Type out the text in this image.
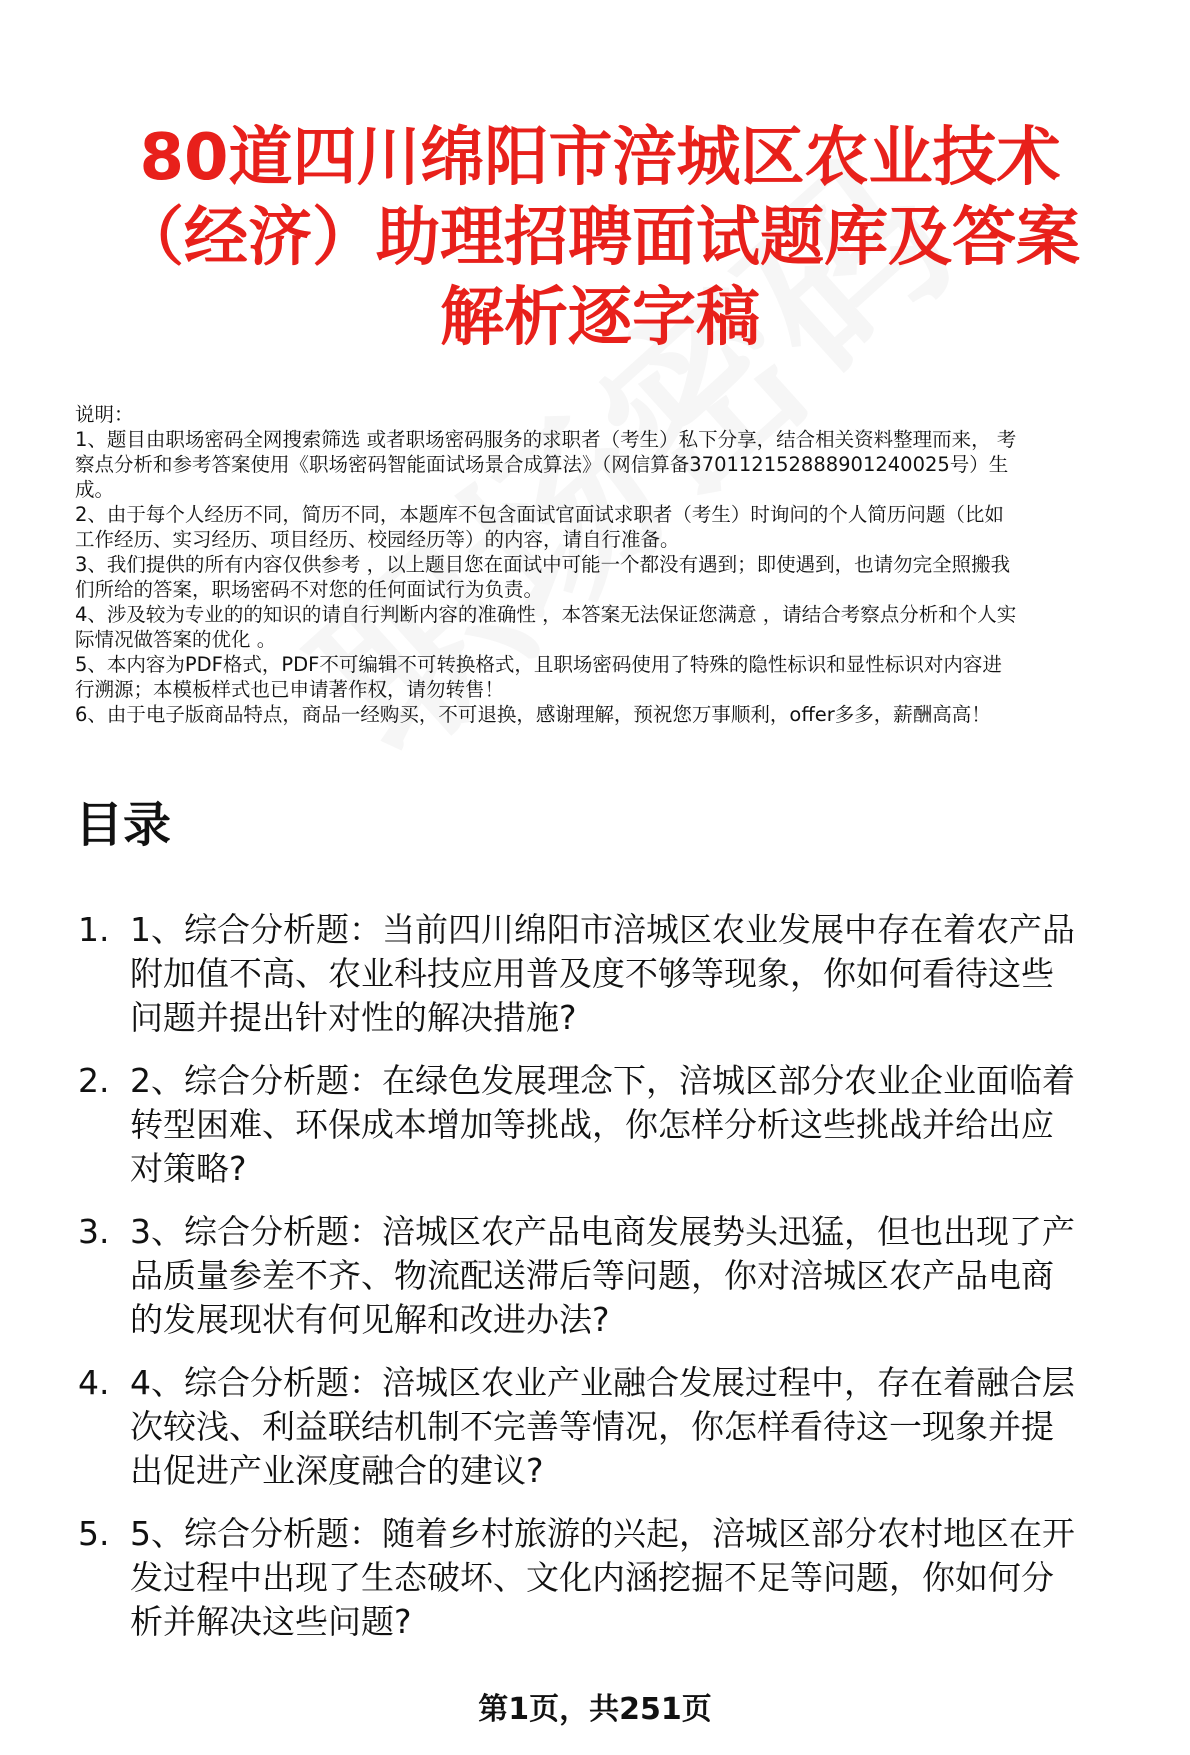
80道四川绵阳市涪城区农业技术
（经济）助理招聘面试题库及答案
解析逐字稿

说明：

1、题目由职场密码全网搜索筛选 或者职场密码服务的求职者（考生）私下分享，结合相关资料整理而来， 考

察点分析和参考答案使用《职场密码智能面试场景合成算法》（网信算备370112152888901240025号）生

成。

2、由于每个人经历不同，简历不同，本题库不包含面试官面试求职者（考生）时询问的个人简历问题（比如

工作经历、实习经历、项目经历、校园经历等）的内容，请自行准备。

3、我们提供的所有内容仅供参考 ，以上题目您在面试中可能一个都没有遇到；即使遇到，也请勿完全照搬我

们所给的答案，职场密码不对您的任何面试行为负责。

4、涉及较为专业的的知识的请自行判断内容的准确性 ，本答案无法保证您满意 ，请结合考察点分析和个人实

际情况做答案的优化 。

5、本内容为PDF格式，PDF不可编辑不可转换格式，且职场密码使用了特殊的隐性标识和显性标识对内容进

行溯源；本模板样式也已申请著作权，请勿转售！

6、由于电子版商品特点，商品一经购买，不可退换，感谢理解，预祝您万事顺利，offer多多，薪酬高高！

目录
1. 1、综合分析题：当前四川绵阳市涪城区农业发展中存在着农产品
附加值不高、农业科技应用普及度不够等现象，你如何看待这些
问题并提出针对性的解决措施?
2. 2、综合分析题：在绿色发展理念下，涪城区部分农业企业面临着
转型困难、环保成本增加等挑战，你怎样分析这些挑战并给出应
对策略?
3. 3、综合分析题：涪城区农产品电商发展势头迅猛，但也出现了产
品质量参差不齐、物流配送滞后等问题，你对涪城区农产品电商
的发展现状有何见解和改进办法?
4. 4、综合分析题：涪城区农业产业融合发展过程中，存在着融合层
次较浅、利益联结机制不完善等情况，你怎样看待这一现象并提
出促进产业深度融合的建议?
5. 5、综合分析题：随着乡村旅游的兴起，涪城区部分农村地区在开
发过程中出现了生态破坏、文化内涵挖掘不足等问题，你如何分
析并解决这些问题?
第1页，共251页
